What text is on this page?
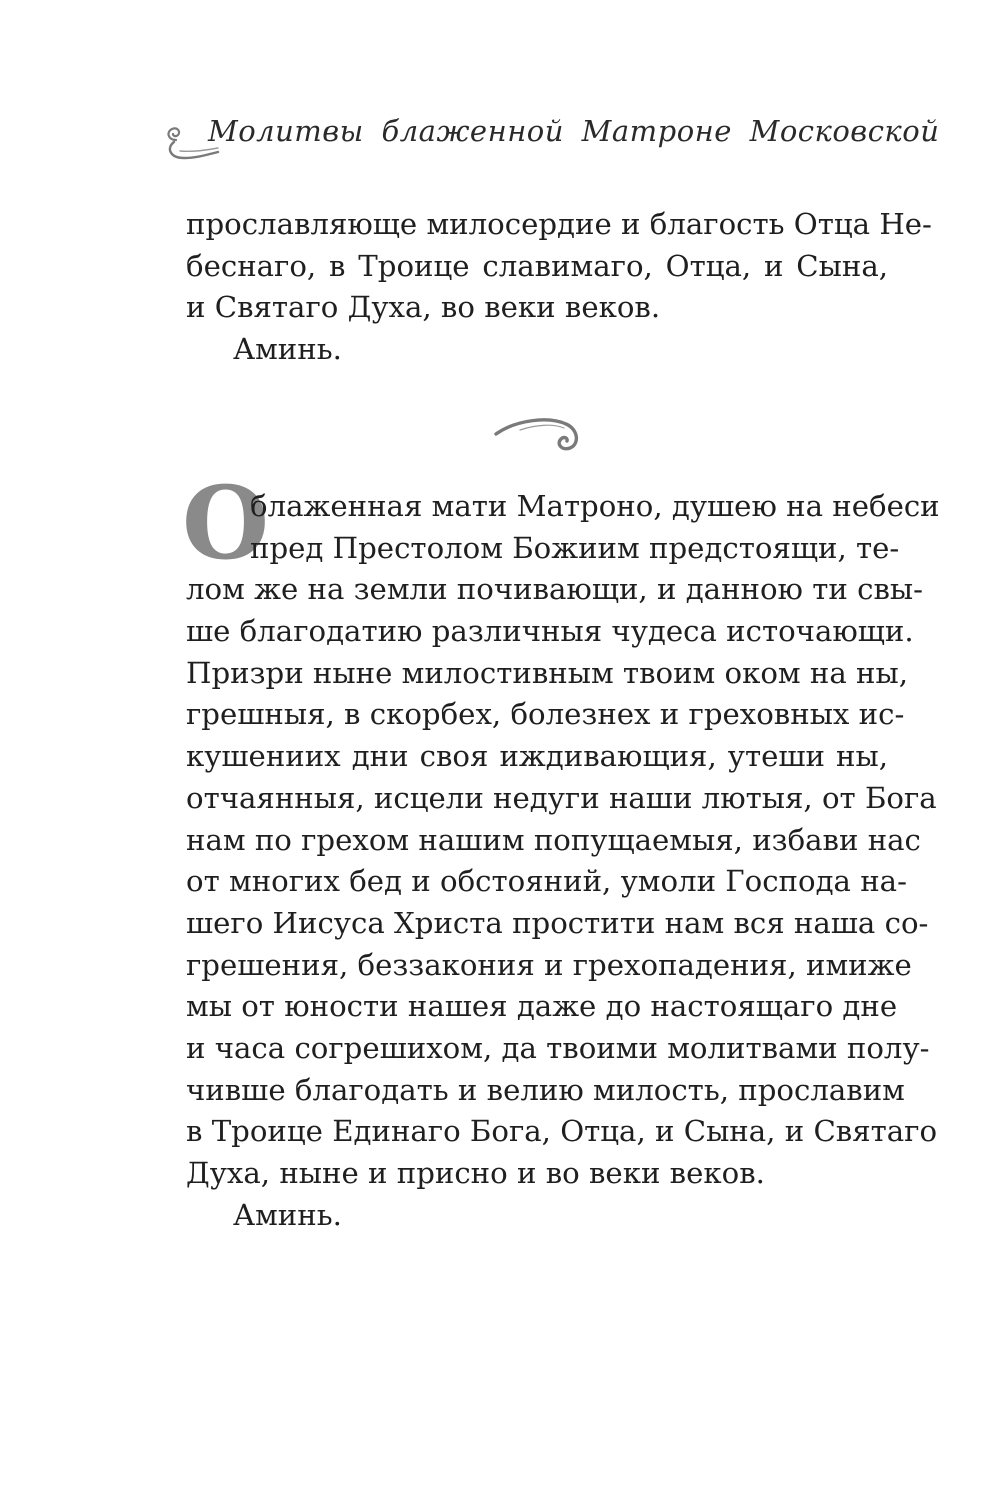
Молитвы блаженной Матроне Московской
прославляюще милосердие и благость Отца Не-
беснаго, в Троице славимаго, Отца, и Сына,
и Святаго Духа, во веки веков.
Аминь.
О
блаженная мати Матроно, душею на небеси
пред Престолом Божиим предстоящи, те-
лом же на земли почивающи, и данною ти свы-
ше благодатию различныя чудеса источающи.
Призри ныне милостивным твоим оком на ны,
грешныя, в скорбех, болезнех и греховных ис-
кушениих дни своя иждивающия, утеши ны,
отчаянныя, исцели недуги наши лютыя, от Бога
нам по грехом нашим попущаемыя, избави нас
от многих бед и обстояний, умоли Господа на-
шего Иисуса Христа простити нам вся наша со-
грешения, беззакония и грехопадения, имиже
мы от юности нашея даже до настоящаго дне
и часа согрешихом, да твоими молитвами полу-
чивше благодать и велию милость, прославим
в Троице Единаго Бога, Отца, и Сына, и Святаго
Духа, ныне и присно и во веки веков.
Аминь.
